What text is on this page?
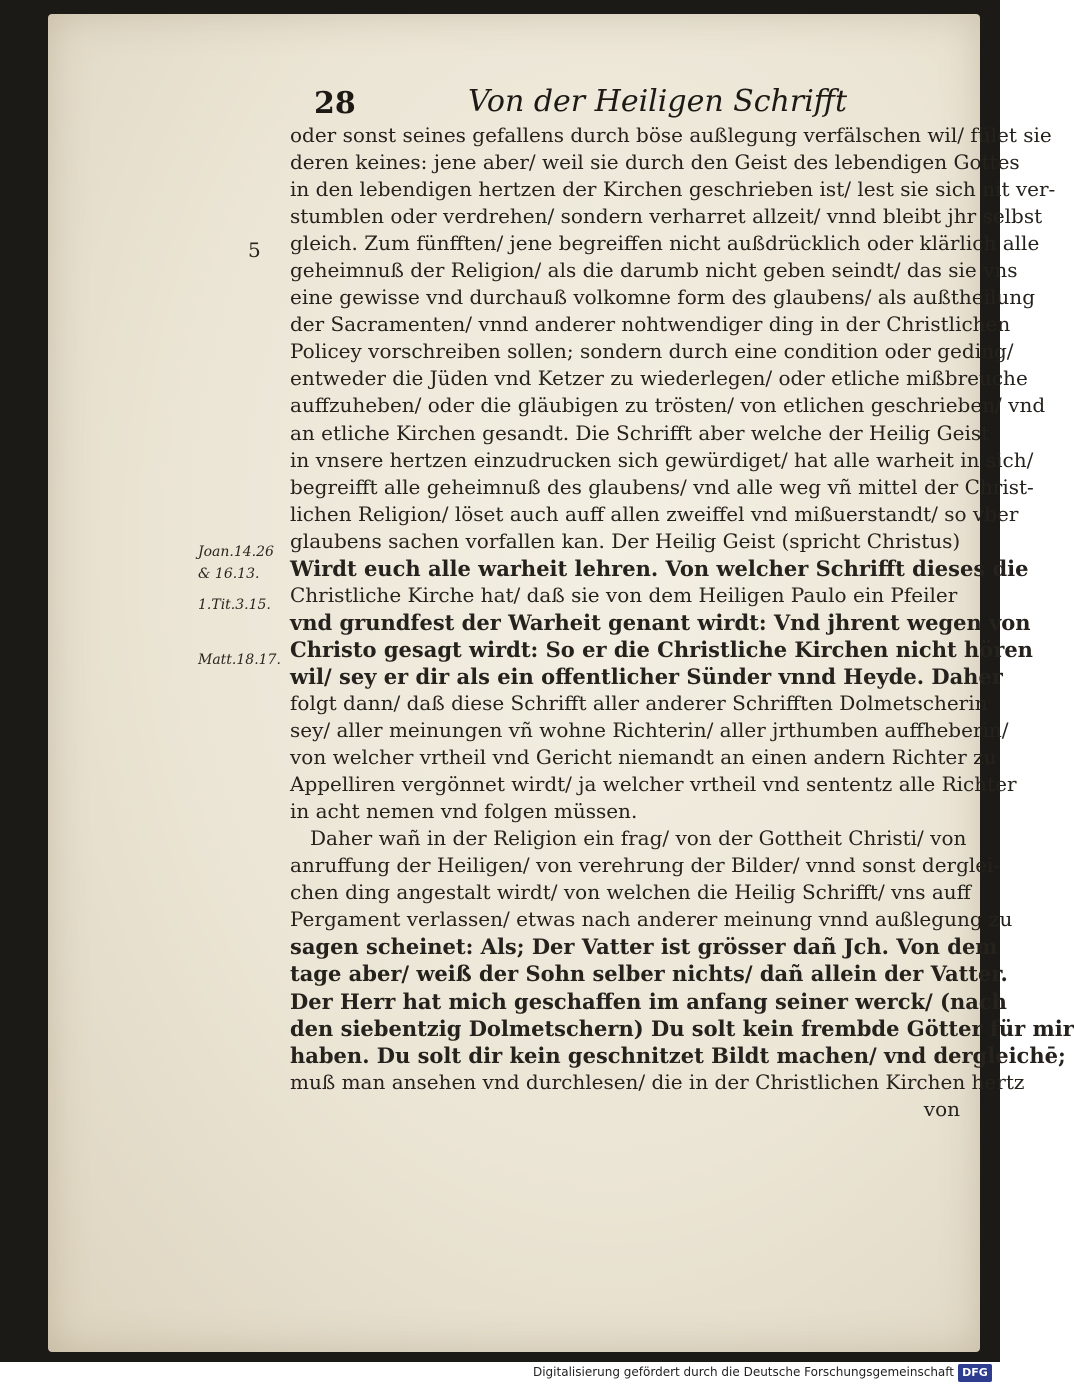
28	Von der Heiligen Schrifft
5
Joan.14.26
& 16.13.
1.Tit.3.15.
Matt.18.17.
oder sonst seines gefallens durch böse außlegung verfälschen wil/ fület sie
deren keines: jene aber/ weil sie durch den Geist des lebendigen Gottes
in den lebendigen hertzen der Kirchen geschrieben ist/ lest sie sich nit ver-
stumblen oder verdrehen/ sondern verharret allzeit/ vnnd bleibt jhr selbst
gleich. Zum fünfften/ jene begreiffen nicht außdrücklich oder klärlich alle
geheimnuß der Religion/ als die darumb nicht geben seindt/ das sie vns
eine gewisse vnd durchauß volkomne form des glaubens/ als außtheilung
der Sacramenten/ vnnd anderer nohtwendiger ding in der Christlichen
Policey vorschreiben sollen; sondern durch eine condition oder geding/
entweder die Jüden vnd Ketzer zu wiederlegen/ oder etliche mißbreuche
auffzuheben/ oder die gläubigen zu trösten/ von etlichen geschrieben/ vnd
an etliche Kirchen gesandt. Die Schrifft aber welche der Heilig Geist
in vnsere hertzen einzudrucken sich gewürdiget/ hat alle warheit in sich/
begreifft alle geheimnuß des glaubens/ vnd alle weg vñ mittel der Christ-
lichen Religion/ löset auch auff allen zweiffel vnd mißuerstandt/ so vber
glaubens sachen vorfallen kan. Der Heilig Geist (spricht Christus)
Wirdt euch alle warheit lehren. Von welcher Schrifft dieses die
Christliche Kirche hat/ daß sie von dem Heiligen Paulo ein Pfeiler
vnd grundfest der Warheit genant wirdt: Vnd jhrent wegen von
Christo gesagt wirdt: So er die Christliche Kirchen nicht hören
wil/ sey er dir als ein offentlicher Sünder vnnd Heyde. Daher
folgt dann/ daß diese Schrifft aller anderer Schrifften Dolmetscherin
sey/ aller meinungen vñ wohne Richterin/ aller jrthumben auffheberin/
von welcher vrtheil vnd Gericht niemandt an einen andern Richter zu
Appelliren vergönnet wirdt/ ja welcher vrtheil vnd sententz alle Richter
in acht nemen vnd folgen müssen.
Daher wañ in der Religion ein frag/ von der Gottheit Christi/ von
anruffung der Heiligen/ von verehrung der Bilder/ vnnd sonst derglei-
chen ding angestalt wirdt/ von welchen die Heilig Schrifft/ vns auff
Pergament verlassen/ etwas nach anderer meinung vnnd außlegung zu
sagen scheinet: Als; Der Vatter ist grösser dañ Jch. Von dem
tage aber/ weiß der Sohn selber nichts/ dañ allein der Vatter.
Der Herr hat mich geschaffen im anfang seiner werck/ (nach
den siebentzig Dolmetschern) Du solt kein frembde Götter für mir
haben. Du solt dir kein geschnitzet Bildt machen/ vnd dergleichē;
muß man ansehen vnd durchlesen/ die in der Christlichen Kirchen hertz
von
Digitalisierung gefördert durch die Deutsche Forschungsgemeinschaft DFG
